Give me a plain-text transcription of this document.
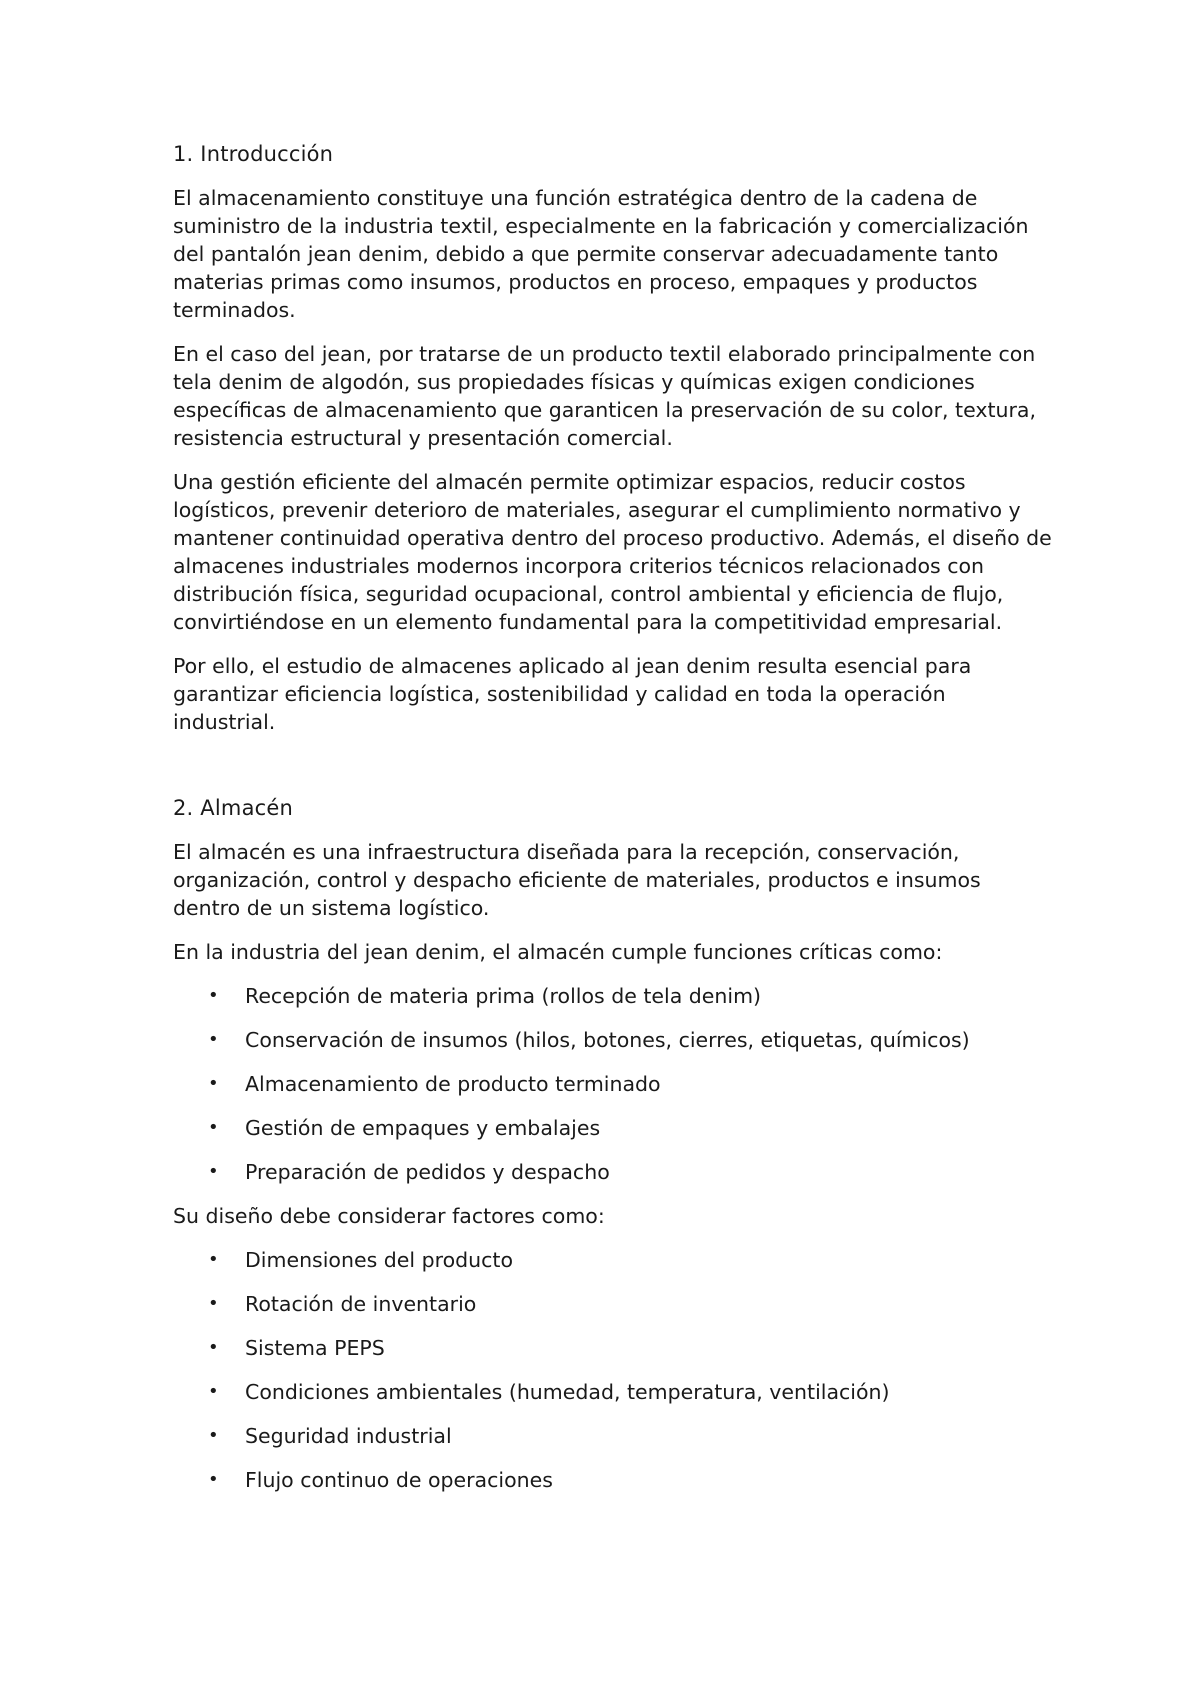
1. Introducción

El almacenamiento constituye una función estratégica dentro de la cadena de suministro de la industria textil, especialmente en la fabricación y comercialización del pantalón jean denim, debido a que permite conservar adecuadamente tanto materias primas como insumos, productos en proceso, empaques y productos terminados.

En el caso del jean, por tratarse de un producto textil elaborado principalmente con tela denim de algodón, sus propiedades físicas y químicas exigen condiciones específicas de almacenamiento que garanticen la preservación de su color, textura, resistencia estructural y presentación comercial.

Una gestión eficiente del almacén permite optimizar espacios, reducir costos logísticos, prevenir deterioro de materiales, asegurar el cumplimiento normativo y mantener continuidad operativa dentro del proceso productivo. Además, el diseño de almacenes industriales modernos incorpora criterios técnicos relacionados con distribución física, seguridad ocupacional, control ambiental y eficiencia de flujo, convirtiéndose en un elemento fundamental para la competitividad empresarial.

Por ello, el estudio de almacenes aplicado al jean denim resulta esencial para garantizar eficiencia logística, sostenibilidad y calidad en toda la operación industrial.

2. Almacén

El almacén es una infraestructura diseñada para la recepción, conservación, organización, control y despacho eficiente de materiales, productos e insumos dentro de un sistema logístico.

En la industria del jean denim, el almacén cumple funciones críticas como:

• Recepción de materia prima (rollos de tela denim)
• Conservación de insumos (hilos, botones, cierres, etiquetas, químicos)
• Almacenamiento de producto terminado
• Gestión de empaques y embalajes
• Preparación de pedidos y despacho

Su diseño debe considerar factores como:

• Dimensiones del producto
• Rotación de inventario
• Sistema PEPS
• Condiciones ambientales (humedad, temperatura, ventilación)
• Seguridad industrial
• Flujo continuo de operaciones
